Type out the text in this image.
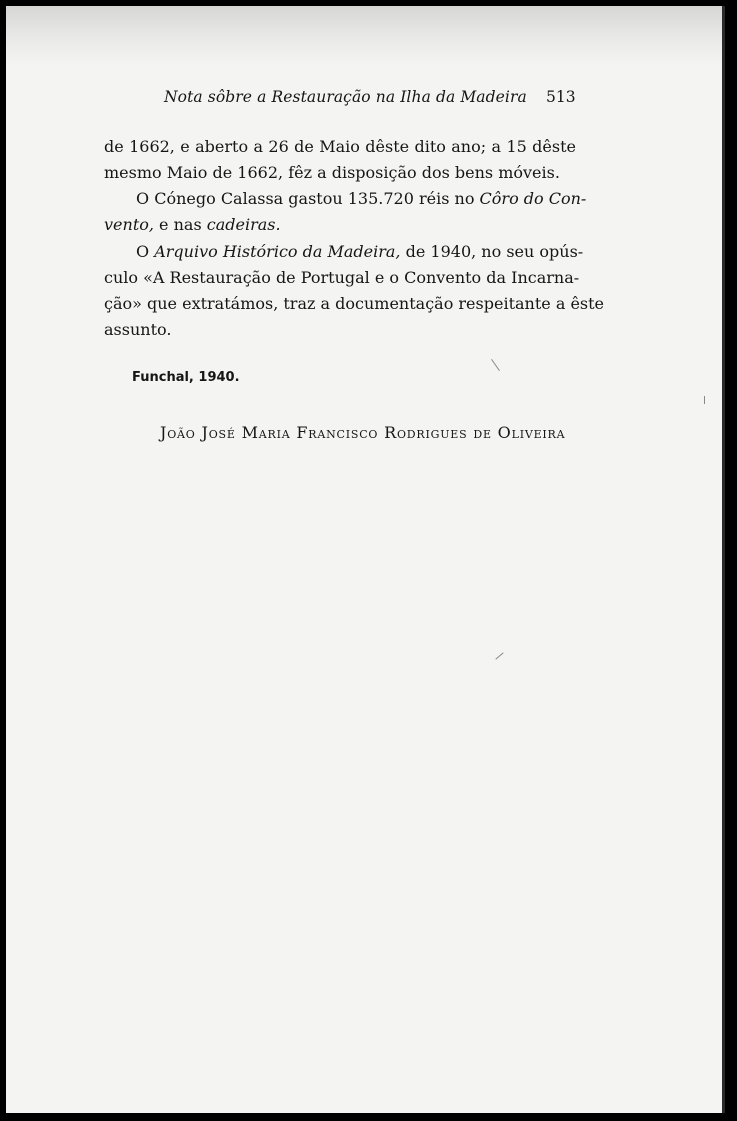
Nota sôbre a Restauração na Ilha da Madeira 513
de 1662, e aberto a 26 de Maio dêste dito ano; a 15 dêste
mesmo Maio de 1662, fêz a disposição dos bens móveis.
O Cónego Calassa gastou 135.720 réis no Côro do Con-
vento, e nas cadeiras.
O Arquivo Histórico da Madeira, de 1940, no seu opús-
culo «A Restauração de Portugal e o Convento da Incarna-
ção» que extratámos, traz a documentação respeitante a êste
assunto.
Funchal, 1940.
João José Maria Francisco Rodrigues de Oliveira
